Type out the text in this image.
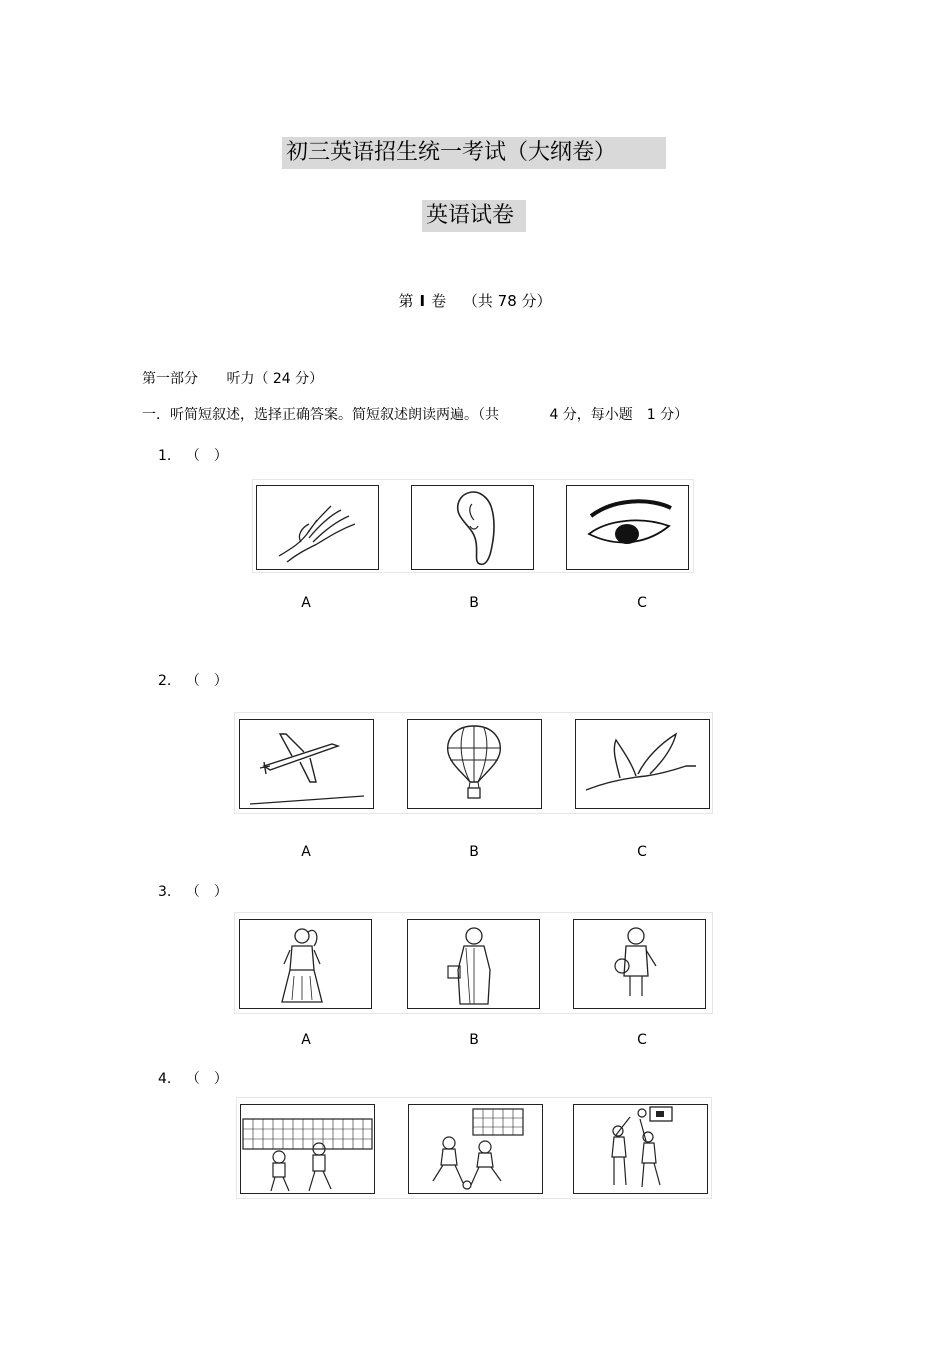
初三英语招生统一考试（大纲卷）
英语试卷
第 I 卷 （共 78 分）
第一部分 听力（ 24 分）
一．听简短叙述，选择正确答案。简短叙述朗读两遍。（共	4 分，每小题　1 分）
1. （ ）
A	B	C
2. （ ）
A	B	C
3. （ ）
A	B	C
4. （ ）
